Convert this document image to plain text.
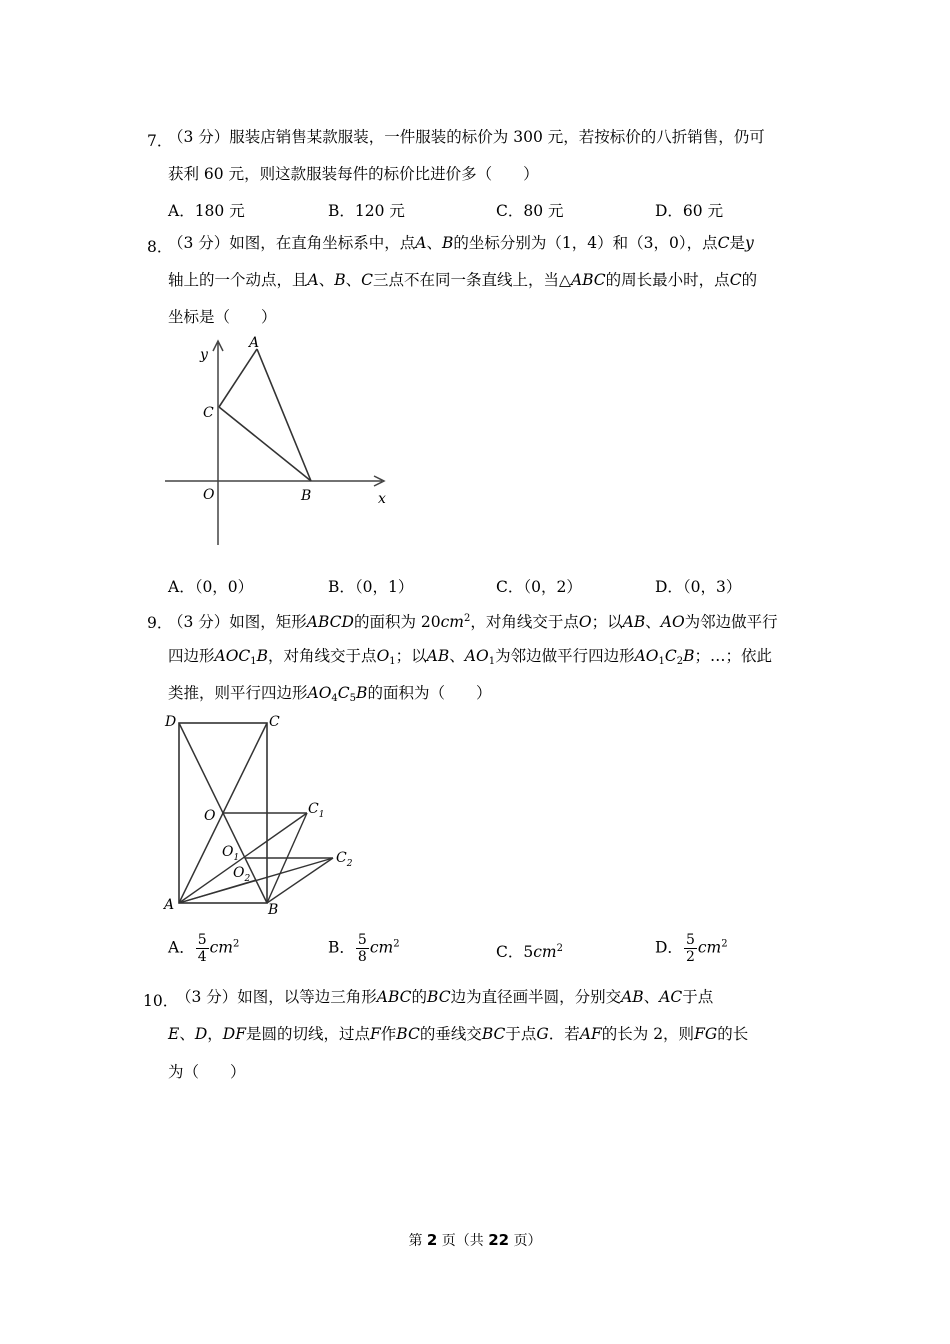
7．
（3 分）服装店销售某款服装，一件服装的标价为 300 元，若按标价的八折销售，仍可
获利 60 元，则这款服装每件的标价比进价多（　　）
A．180 元	B．120 元	C．80 元	D．60 元
8．
（3 分）如图，在直角坐标系中，点A、B的坐标分别为（1，4）和（3，0），点C是y
轴上的一个动点，且A、B、C三点不在同一条直线上，当△ABC的周长最小时，点C的
坐标是（　　）
y
A
C
O	B	x
A．（0，0）	B．（0，1）	C．（0，2）	D．（0，3）
9．
（3 分）如图，矩形ABCD的面积为 $20cm^2$，对角线交于点O；以AB、AO为邻边做平行
四边形$AOC_1B$，对角线交于点$O_1$；以AB、$AO_1$为邻边做平行四边形$AO_1C_2B$；…；依此
类推，则平行四边形$AO_4C_5B$的面积为（　　）
D	C
O	$C_1$
$O_1$	$C_2$
$O_2$
A	B
A． $\frac{5}{4} cm^2$	B． $\frac{5}{8} cm^2$	C．$5cm^2$	D． $\frac{5}{2} cm^2$
10．
（3 分）如图，以等边三角形ABC的BC边为直径画半圆，分别交AB、AC于点
E、D，DF是圆的切线，过点F作BC的垂线交BC于点G．若AF的长为 2，则FG的长
为（　　）
第 2 页（共 22 页）
